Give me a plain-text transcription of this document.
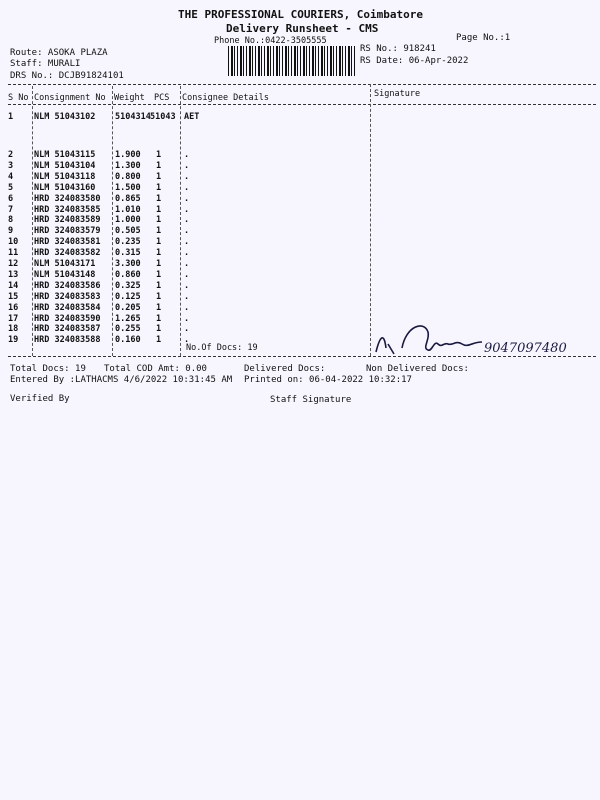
THE PROFESSIONAL COURIERS, Coimbatore
Delivery Runsheet - CMS
Phone No.:0422-3505555	Page No.:1
Route: ASOKA PLAZA
Staff: MURALI
DRS No.: DCJB91824101
RS No.: 918241
RS Date: 06-Apr-2022
S No Consignment No Weight PCS Consignee Details	Signature
1 NLM 51043102 5104314 51043 AET
2 NLM 51043115 1.900 1	.
3 NLM 51043104 1.300 1	.
4 NLM 51043118 0.800 1	.
5 NLM 51043160 1.500 1	.
6 HRD 324083580 0.865 1	.
7 HRD 324083585 1.010 1	.
8 HRD 324083589 1.000 1	.
9 HRD 324083579 0.505 1	.
10 HRD 324083581 0.235 1	.
11 HRD 324083582 0.315 1	.
12 NLM 51043171 3.300 1	.
13 NLM 51043148 0.860 1	.
14 HRD 324083586 0.325 1	.
15 HRD 324083583 0.125 1	.
16 HRD 324083584 0.205 1	.
17 HRD 324083590 1.265 1	.
18 HRD 324083587 0.255 1	.
19 HRD 324083588 0.160 1	.
No.Of Docs: 19	9047097480
Total Docs: 19 Total COD Amt: 0.00	Delivered Docs:	Non Delivered Docs:
Entered By :LATHACMS 4/6/2022 10:31:45 AM Printed on: 06-04-2022 10:32:17
Verified By	Staff Signature
